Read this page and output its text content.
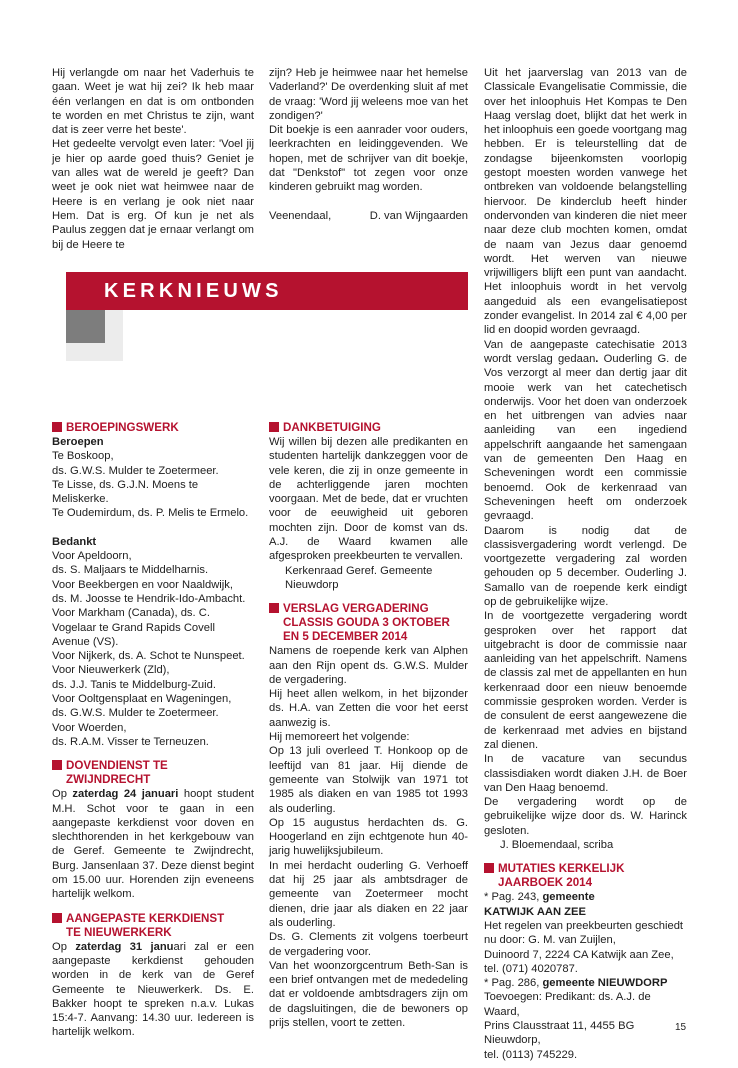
Hij verlangde om naar het Vaderhuis te gaan. Weet je wat hij zei? Ik heb maar één verlangen en dat is om ontbonden te worden en met Christus te zijn, want dat is zeer verre het beste'.

Het gedeelte vervolgt even later: 'Voel jij je hier op aarde goed thuis? Geniet je van alles wat de wereld je geeft? Dan weet je ook niet wat heimwee naar de Heere is en verlang je ook niet naar Hem. Dat is erg. Of kun je net als Paulus zeggen dat je ernaar verlangt om bij de Heere te

zijn? Heb je heimwee naar het hemelse Vaderland?' De overdenking sluit af met de vraag: 'Word jij weleens moe van het zondigen?'

Dit boekje is een aanrader voor ouders, leerkrachten en leidinggevenden. We hopen, met de schrijver van dit boekje, dat "Denkstof" tot zegen voor onze kinderen gebruikt mag worden.

Veenendaal,	D. van Wijngaarden
KERKNIEUWS
BEROEPINGSWERK

Beroepen

Te Boskoop,

ds. G.W.S. Mulder te Zoetermeer.

Te Lisse, ds. G.J.N. Moens te Meliskerke.

Te Oudemirdum, ds. P. Melis te Ermelo.

Bedankt

Voor Apeldoorn,

ds. S. Maljaars te Middelharnis.

Voor Beekbergen en voor Naaldwijk,

ds. M. Joosse te Hendrik-Ido-Ambacht.

Voor Markham (Canada), ds. C. Vogelaar te Grand Rapids Covell Avenue (VS).

Voor Nijkerk, ds. A. Schot te Nunspeet.

Voor Nieuwerkerk (Zld),

ds. J.J. Tanis te Middelburg-Zuid.

Voor Ooltgensplaat en Wageningen,

ds. G.W.S. Mulder te Zoetermeer.

Voor Woerden,

ds. R.A.M. Visser te Terneuzen.

DOVENDIENST TE
ZWIJNDRECHT

Op zaterdag 24 januari hoopt student M.H. Schot voor te gaan in een aangepaste kerkdienst voor doven en slechthorenden in het kerkgebouw van de Geref. Gemeente te Zwijndrecht, Burg. Jansenlaan 37. Deze dienst begint om 15.00 uur. Horenden zijn eveneens hartelijk welkom.

AANGEPASTE KERKDIENST
TE NIEUWERKERK

Op zaterdag 31 januari zal er een aangepaste kerkdienst gehouden worden in de kerk van de Geref Gemeente te Nieuwerkerk. Ds. E. Bakker hoopt te spreken n.a.v. Lukas 15:4-7. Aanvang: 14.30 uur. Iedereen is hartelijk welkom.

DANKBETUIGING

Wij willen bij dezen alle predikanten en studenten hartelijk dankzeggen voor de vele keren, die zij in onze gemeente in de achterliggende jaren mochten voorgaan. Met de bede, dat er vruchten voor de eeuwigheid uit geboren mochten zijn. Door de komst van ds. A.J. de Waard kwamen alle afgesproken preekbeurten te vervallen.

Kerkenraad Geref. Gemeente

Nieuwdorp

VERSLAG VERGADERING
CLASSIS GOUDA 3 OKTOBER
EN 5 DECEMBER 2014

Namens de roepende kerk van Alphen aan den Rijn opent ds. G.W.S. Mulder de vergadering.

Hij heet allen welkom, in het bijzonder ds. H.A. van Zetten die voor het eerst aanwezig is.

Hij memoreert het volgende:

Op 13 juli overleed T. Honkoop op de leeftijd van 81 jaar. Hij diende de gemeente van Stolwijk van 1971 tot 1985 als diaken en van 1985 tot 1993 als ouderling.

Op 15 augustus herdachten ds. G. Hoogerland en zijn echtgenote hun 40-jarig huwelijksjubileum.

In mei herdacht ouderling G. Verhoeff dat hij 25 jaar als ambtsdrager de gemeente van Zoetermeer mocht dienen, drie jaar als diaken en 22 jaar als ouderling.

Ds. G. Clements zit volgens toerbeurt de vergadering voor.

Van het woonzorgcentrum Beth-San is een brief ontvangen met de mededeling dat er voldoende ambtsdragers zijn om de dagsluitingen, die de bewoners op prijs stellen, voort te zetten.

Uit het jaarverslag van 2013 van de Classicale Evangelisatie Commissie, die over het inloophuis Het Kompas te Den Haag verslag doet, blijkt dat het werk in het inloophuis een goede voortgang mag hebben. Er is teleurstelling dat de zondagse bijeenkomsten voorlopig gestopt moesten worden vanwege het ontbreken van voldoende belangstelling hiervoor. De kinderclub heeft hinder ondervonden van kinderen die niet meer naar deze club mochten komen, omdat de naam van Jezus daar genoemd wordt. Het werven van nieuwe vrijwilligers blijft een punt van aandacht. Het inloophuis wordt in het vervolg aangeduid als een evangelisatiepost zonder evangelist. In 2014 zal € 4,00 per lid en doopid worden gevraagd.

Van de aangepaste catechisatie 2013 wordt verslag gedaan. Ouderling G. de Vos verzorgt al meer dan dertig jaar dit mooie werk van het catechetisch onderwijs. Voor het doen van onderzoek en het uitbrengen van advies naar aanleiding van een ingediend appelschrift aangaande het samengaan van de gemeenten Den Haag en Scheveningen wordt een commissie benoemd. Ook de kerkenraad van Scheveningen heeft om onderzoek gevraagd.

Daarom is nodig dat de classisvergadering wordt verlengd. De voortgezette vergadering zal worden gehouden op 5 december. Ouderling J. Samallo van de roepende kerk eindigt op de gebruikelijke wijze.

In de voortgezette vergadering wordt gesproken over het rapport dat uitgebracht is door de commissie naar aanleiding van het appelschrift. Namens de classis zal met de appellanten en hun kerkenraad door een nieuw benoemde commissie gesproken worden. Verder is de consulent de eerst aangewezene die de kerkenraad met advies en bijstand zal dienen.

In de vacature van secundus classisdiaken wordt diaken J.H. de Boer van Den Haag benoemd.

De vergadering wordt op de gebruikelijke wijze door ds. W. Harinck gesloten.

J. Bloemendaal, scriba

MUTATIES KERKELIJK
JAARBOEK 2014

* Pag. 243, gemeente

KATWIJK AAN ZEE

Het regelen van preekbeurten geschiedt nu door: G. M. van Zuijlen,

Duinoord 7, 2224 CA Katwijk aan Zee,

tel. (071) 4020787.

* Pag. 286, gemeente NIEUWDORP

Toevoegen: Predikant: ds. A.J. de Waard,

Prins Clausstraat 11, 4455 BG Nieuwdorp,

tel. (0113) 745229.

15
